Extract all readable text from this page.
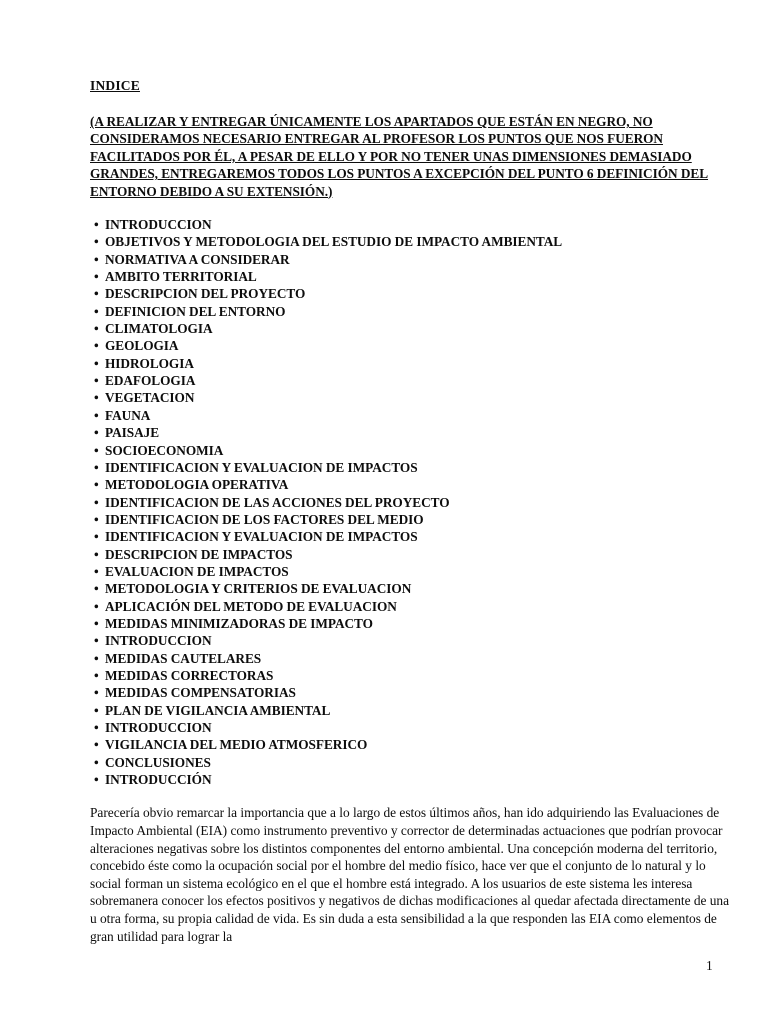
INDICE

(A REALIZAR Y ENTREGAR ÚNICAMENTE LOS APARTADOS QUE ESTÁN EN NEGRO, NO CONSIDERAMOS NECESARIO ENTREGAR AL PROFESOR LOS PUNTOS QUE NOS FUERON FACILITADOS POR ÉL, A PESAR DE ELLO Y POR NO TENER UNAS DIMENSIONES DEMASIADO GRANDES, ENTREGAREMOS TODOS LOS PUNTOS A EXCEPCIÓN DEL PUNTO 6 DEFINICIÓN DEL ENTORNO DEBIDO A SU EXTENSIÓN.)

• INTRODUCCION
• OBJETIVOS Y METODOLOGIA DEL ESTUDIO DE IMPACTO AMBIENTAL
• NORMATIVA A CONSIDERAR
• AMBITO TERRITORIAL
• DESCRIPCION DEL PROYECTO
• DEFINICION DEL ENTORNO
• CLIMATOLOGIA
• GEOLOGIA
• HIDROLOGIA
• EDAFOLOGIA
• VEGETACION
• FAUNA
• PAISAJE
• SOCIOECONOMIA
• IDENTIFICACION Y EVALUACION DE IMPACTOS
• METODOLOGIA OPERATIVA
• IDENTIFICACION DE LAS ACCIONES DEL PROYECTO
• IDENTIFICACION DE LOS FACTORES DEL MEDIO
• IDENTIFICACION Y EVALUACION DE IMPACTOS
• DESCRIPCION DE IMPACTOS
• EVALUACION DE IMPACTOS
• METODOLOGIA Y CRITERIOS DE EVALUACION
• APLICACIÓN DEL METODO DE EVALUACION
• MEDIDAS MINIMIZADORAS DE IMPACTO
• INTRODUCCION
• MEDIDAS CAUTELARES
• MEDIDAS CORRECTORAS
• MEDIDAS COMPENSATORIAS
• PLAN DE VIGILANCIA AMBIENTAL
• INTRODUCCION
• VIGILANCIA DEL MEDIO ATMOSFERICO
• CONCLUSIONES
• INTRODUCCIÓN

Parecería obvio remarcar la importancia que a lo largo de estos últimos años, han ido adquiriendo las Evaluaciones de Impacto Ambiental (EIA) como instrumento preventivo y corrector de determinadas actuaciones que podrían provocar alteraciones negativas sobre los distintos componentes del entorno ambiental. Una concepción moderna del territorio, concebido éste como la ocupación social por el hombre del medio físico, hace ver que el conjunto de lo natural y lo social forman un sistema ecológico en el que el hombre está integrado. A los usuarios de este sistema les interesa sobremanera conocer los efectos positivos y negativos de dichas modificaciones al quedar afectada directamente de una u otra forma, su propia calidad de vida. Es sin duda a esta sensibilidad a la que responden las EIA como elementos de gran utilidad para lograr la

1
